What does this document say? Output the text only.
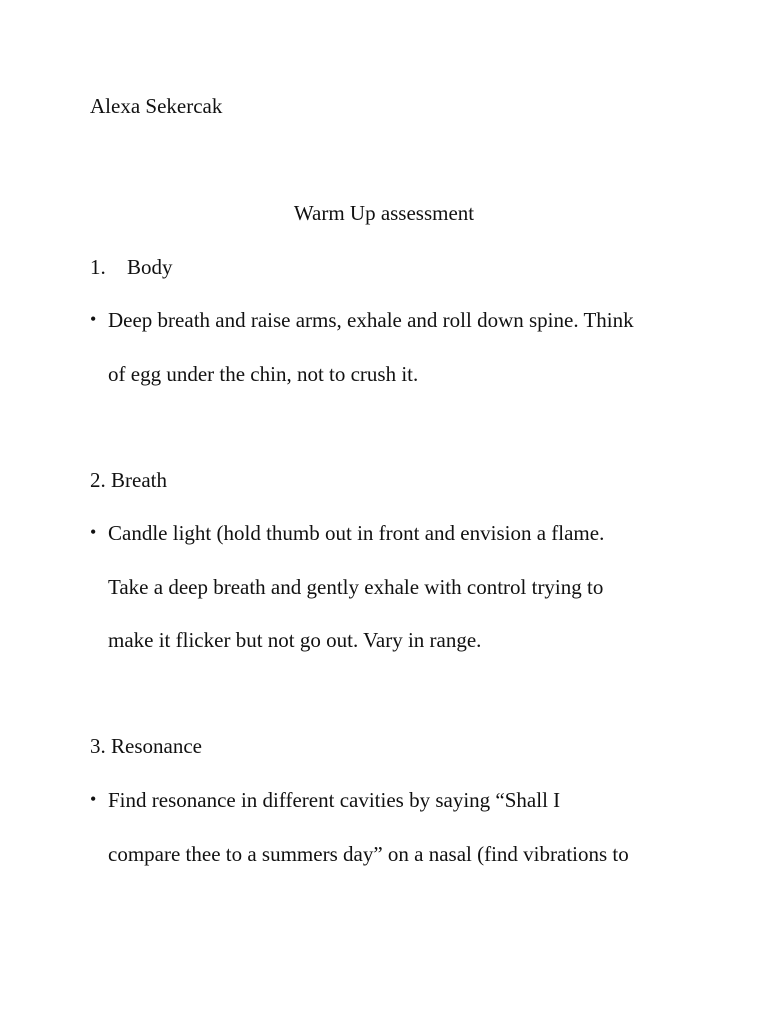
Alexa Sekercak
Warm Up assessment
1. Body
• Deep breath and raise arms, exhale and roll down spine. Think
of egg under the chin, not to crush it.
2. Breath
• Candle light (hold thumb out in front and envision a flame.
Take a deep breath and gently exhale with control trying to
make it flicker but not go out. Vary in range.
3. Resonance
• Find resonance in different cavities by saying “Shall I
compare thee to a summers day” on a nasal (find vibrations to
